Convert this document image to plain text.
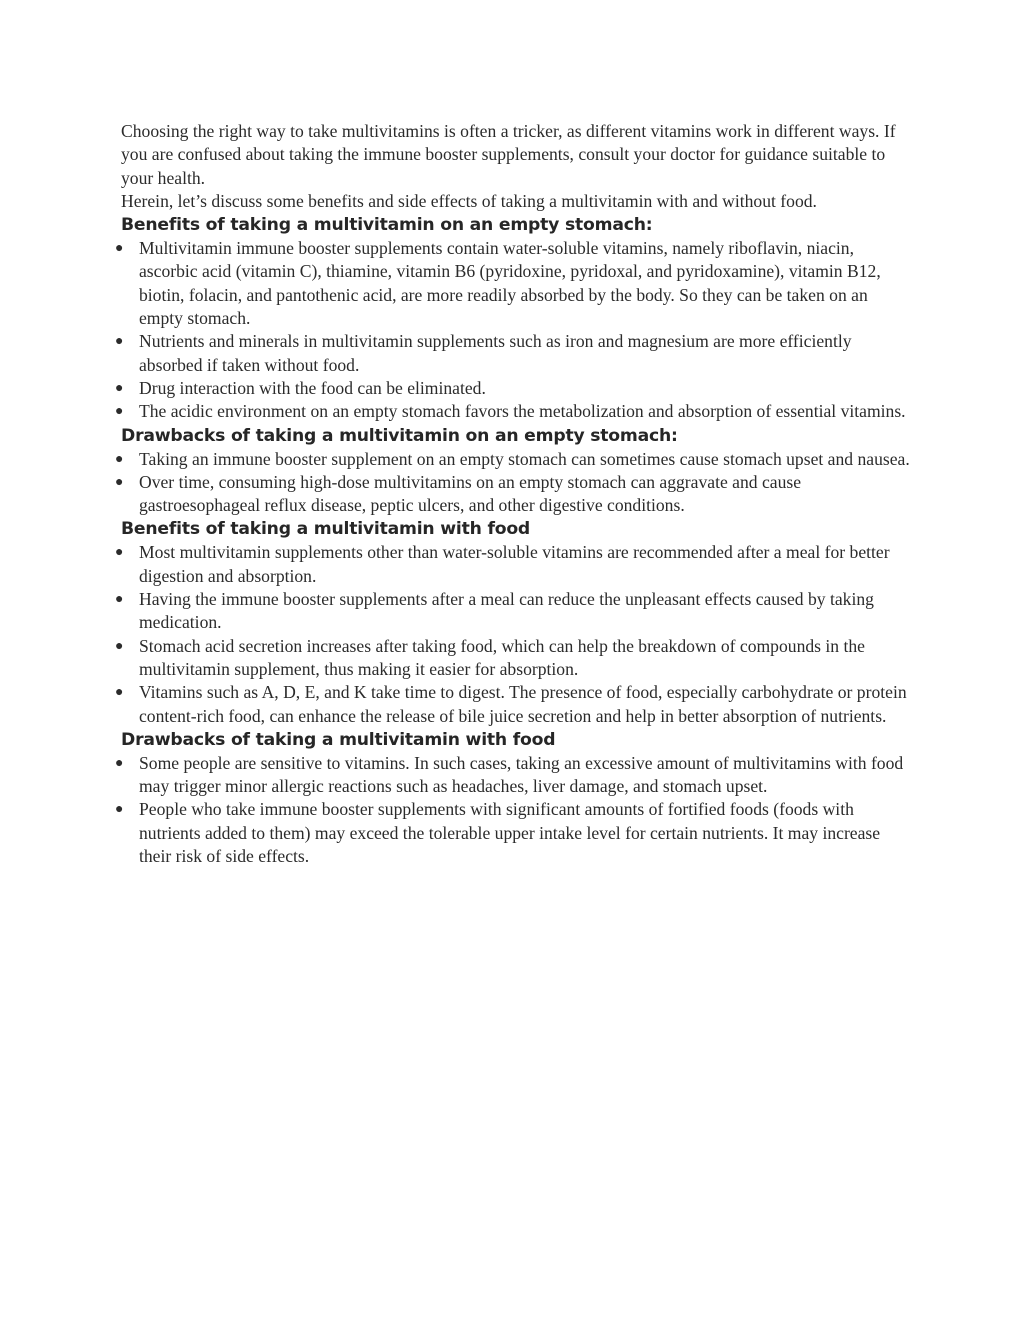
Choosing the right way to take multivitamins is often a tricker, as different vitamins work in different ways. If you are confused about taking the immune booster supplements, consult your doctor for guidance suitable to your health.

Herein, let’s discuss some benefits and side effects of taking a multivitamin with and without food.

Benefits of taking a multivitamin on an empty stomach:
● Multivitamin immune booster supplements contain water-soluble vitamins, namely riboflavin, niacin, ascorbic acid (vitamin C), thiamine, vitamin B6 (pyridoxine, pyridoxal, and pyridoxamine), vitamin B12, biotin, folacin, and pantothenic acid, are more readily absorbed by the body. So they can be taken on an empty stomach.
● Nutrients and minerals in multivitamin supplements such as iron and magnesium are more efficiently absorbed if taken without food.
● Drug interaction with the food can be eliminated.
● The acidic environment on an empty stomach favors the metabolization and absorption of essential vitamins.
Drawbacks of taking a multivitamin on an empty stomach:
● Taking an immune booster supplement on an empty stomach can sometimes cause stomach upset and nausea.
● Over time, consuming high-dose multivitamins on an empty stomach can aggravate and cause gastroesophageal reflux disease, peptic ulcers, and other digestive conditions.
Benefits of taking a multivitamin with food
● Most multivitamin supplements other than water-soluble vitamins are recommended after a meal for better digestion and absorption.
● Having the immune booster supplements after a meal can reduce the unpleasant effects caused by taking medication.
● Stomach acid secretion increases after taking food, which can help the breakdown of compounds in the multivitamin supplement, thus making it easier for absorption.
● Vitamins such as A, D, E, and K take time to digest. The presence of food, especially carbohydrate or protein content-rich food, can enhance the release of bile juice secretion and help in better absorption of nutrients.
Drawbacks of taking a multivitamin with food
● Some people are sensitive to vitamins. In such cases, taking an excessive amount of multivitamins with food may trigger minor allergic reactions such as headaches, liver damage, and stomach upset.
● People who take immune booster supplements with significant amounts of fortified foods (foods with nutrients added to them) may exceed the tolerable upper intake level for certain nutrients. It may increase their risk of side effects.
